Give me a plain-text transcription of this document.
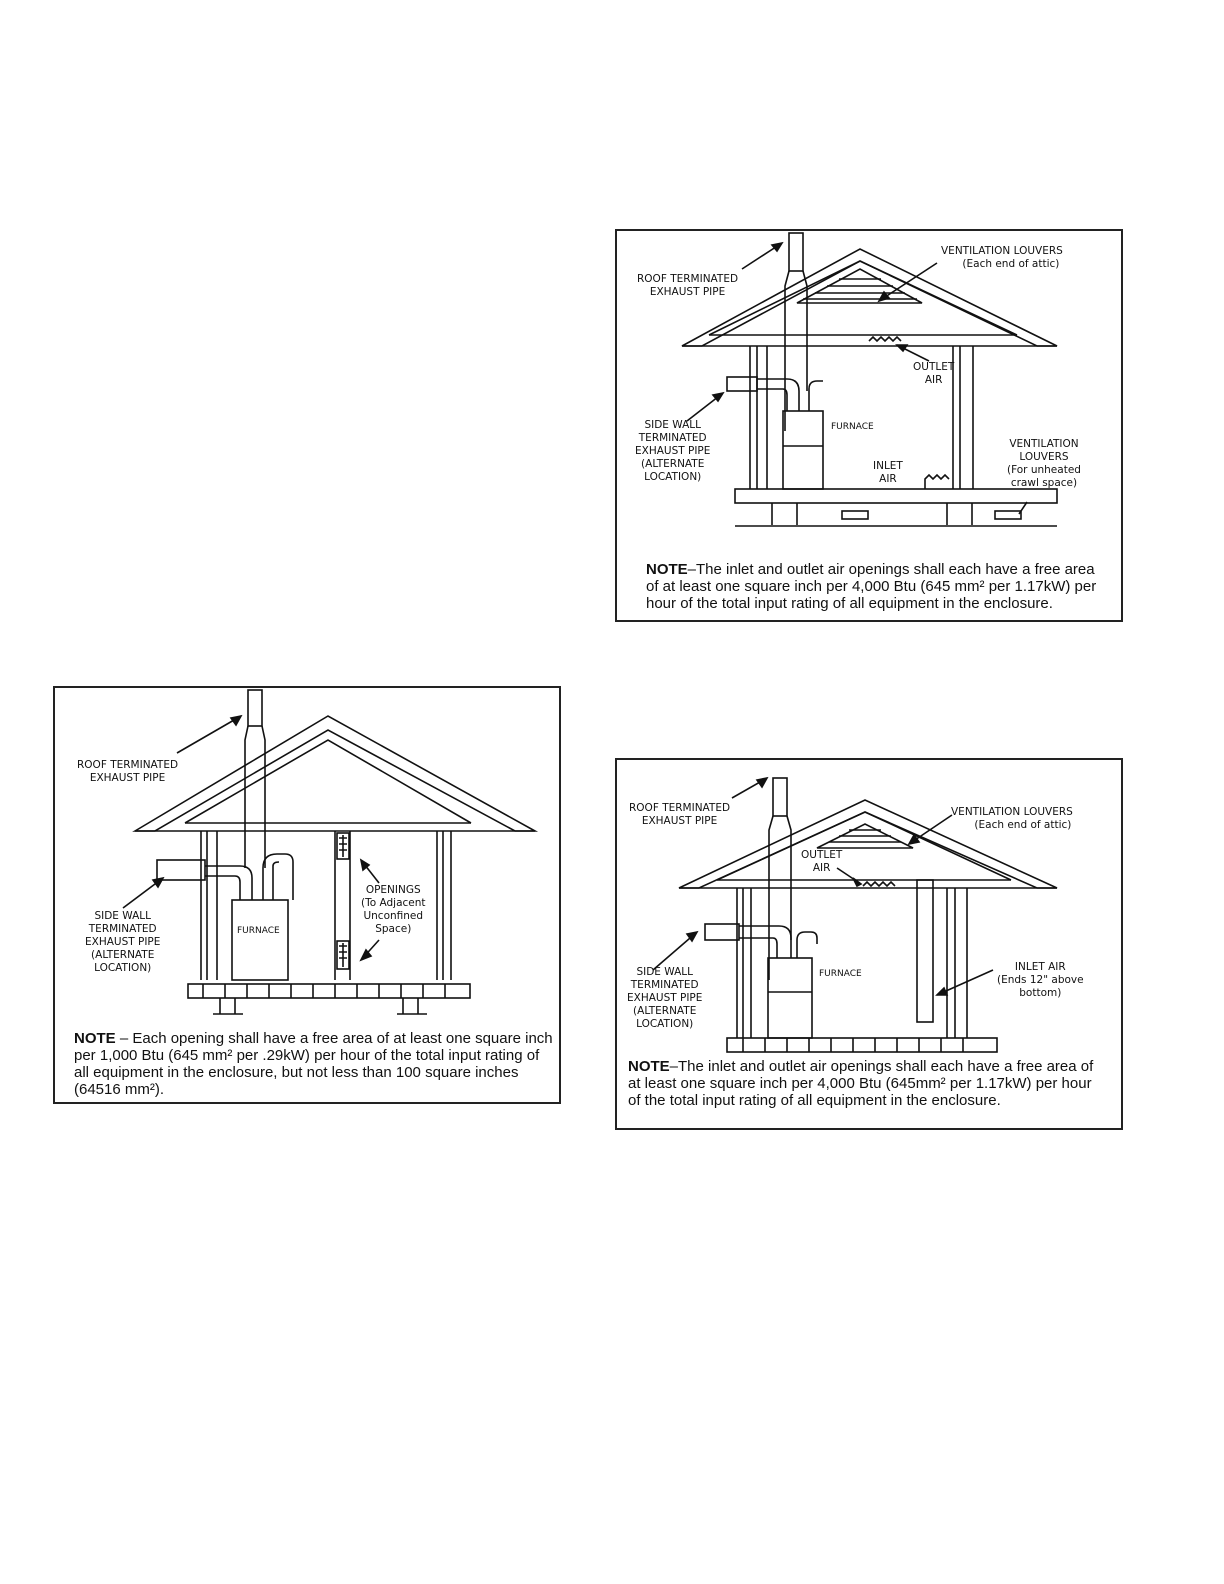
ROOF TERMINATED
EXHAUST PIPE
VENTILATION LOUVERS
(Each end of attic)
OUTLET
AIR
FURNACE
SIDE WALL
TERMINATED
EXHAUST PIPE
(ALTERNATE
LOCATION)
INLET
AIR
VENTILATION
LOUVERS
(For unheated
crawl space)
NOTE–The inlet and outlet air openings shall each have a free area
of at least one square inch per 4,000 Btu (645 mm² per 1.17kW) per
hour of the total input rating of all equipment in the enclosure.
ROOF TERMINATED
EXHAUST PIPE
OPENINGS
(To Adjacent
Unconfined
Space)
FURNACE
SIDE WALL
TERMINATED
EXHAUST PIPE
(ALTERNATE
LOCATION)
NOTE – Each opening shall have a free area of at least one square inch
per 1,000 Btu (645 mm² per .29kW) per hour of the total input rating of
all equipment in the enclosure, but not less than 100 square inches
(64516 mm²).
ROOF TERMINATED
EXHAUST PIPE
VENTILATION LOUVERS
(Each end of attic)
OUTLET
AIR
FURNACE
SIDE WALL
TERMINATED
EXHAUST PIPE
(ALTERNATE
LOCATION)
INLET AIR
(Ends 12" above
bottom)
NOTE–The inlet and outlet air openings shall each have a free area of
at least one square inch per 4,000 Btu (645mm² per 1.17kW) per hour
of the total input rating of all equipment in the enclosure.
